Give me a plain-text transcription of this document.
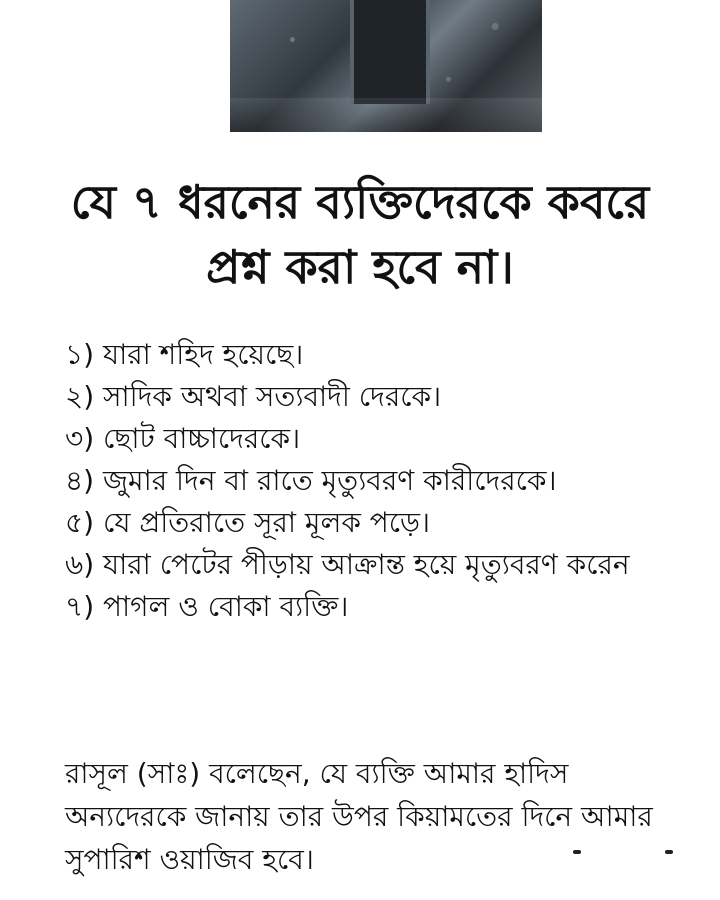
যে ৭ ধরনের ব্যক্তিদেরকে কবরে
প্রশ্ন করা হবে না।
১) যারা শহিদ হয়েছে।
২) সাদিক অথবা সত্যবাদী দেরকে।
৩) ছোট বাচ্চাদেরকে।
৪) জুমার দিন বা রাতে মৃত্যুবরণ কারীদেরকে।
৫) যে প্রতিরাতে সূরা মূলক পড়ে।
৬) যারা পেটের পীড়ায় আক্রান্ত হয়ে মৃত্যুবরণ করেন
৭) পাগল ও বোকা ব্যক্তি।
রাসূল (সাঃ) বলেছেন, যে ব্যক্তি আমার হাদিস অন্যদেরকে জানায় তার উপর কিয়ামতের দিনে আমার সুপারিশ ওয়াজিব হবে।
